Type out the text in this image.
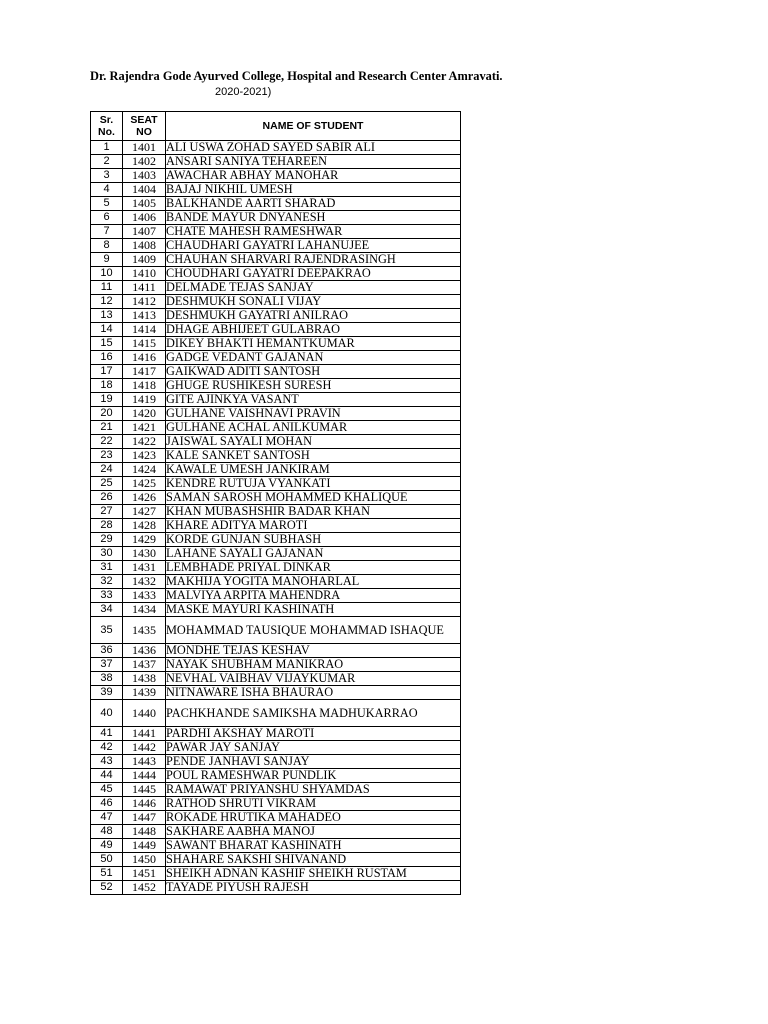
Dr. Rajendra Gode Ayurved College, Hospital and Research Center Amravati.
2020-2021)
Sr. No.	SEAT NO	NAME OF STUDENT
1	1401	ALI USWA ZOHAD SAYED SABIR ALI
2	1402	ANSARI SANIYA TEHAREEN
3	1403	AWACHAR ABHAY MANOHAR
4	1404	BAJAJ NIKHIL UMESH
5	1405	BALKHANDE AARTI SHARAD
6	1406	BANDE MAYUR DNYANESH
7	1407	CHATE MAHESH RAMESHWAR
8	1408	CHAUDHARI GAYATRI LAHANUJEE
9	1409	CHAUHAN SHARVARI RAJENDRASINGH
10	1410	CHOUDHARI GAYATRI DEEPAKRAO
11	1411	DELMADE TEJAS SANJAY
12	1412	DESHMUKH SONALI VIJAY
13	1413	DESHMUKH GAYATRI ANILRAO
14	1414	DHAGE ABHIJEET GULABRAO
15	1415	DIKEY BHAKTI HEMANTKUMAR
16	1416	GADGE VEDANT GAJANAN
17	1417	GAIKWAD ADITI SANTOSH
18	1418	GHUGE RUSHIKESH SURESH
19	1419	GITE AJINKYA VASANT
20	1420	GULHANE VAISHNAVI PRAVIN
21	1421	GULHANE ACHAL ANILKUMAR
22	1422	JAISWAL SAYALI MOHAN
23	1423	KALE SANKET SANTOSH
24	1424	KAWALE UMESH JANKIRAM
25	1425	KENDRE RUTUJA VYANKATI
26	1426	SAMAN SAROSH MOHAMMED KHALIQUE
27	1427	KHAN MUBASHSHIR BADAR KHAN
28	1428	KHARE ADITYA MAROTI
29	1429	KORDE GUNJAN SUBHASH
30	1430	LAHANE SAYALI GAJANAN
31	1431	LEMBHADE PRIYAL DINKAR
32	1432	MAKHIJA YOGITA MANOHARLAL
33	1433	MALVIYA ARPITA MAHENDRA
34	1434	MASKE MAYURI KASHINATH
35	1435	MOHAMMAD TAUSIQUE MOHAMMAD ISHAQUE
36	1436	MONDHE TEJAS KESHAV
37	1437	NAYAK SHUBHAM MANIKRAO
38	1438	NEVHAL VAIBHAV VIJAYKUMAR
39	1439	NITNAWARE ISHA BHAURAO
40	1440	PACHKHANDE SAMIKSHA MADHUKARRAO
41	1441	PARDHI AKSHAY MAROTI
42	1442	PAWAR JAY SANJAY
43	1443	PENDE JANHAVI SANJAY
44	1444	POUL RAMESHWAR PUNDLIK
45	1445	RAMAWAT PRIYANSHU SHYAMDAS
46	1446	RATHOD SHRUTI VIKRAM
47	1447	ROKADE HRUTIKA MAHADEO
48	1448	SAKHARE AABHA MANOJ
49	1449	SAWANT BHARAT KASHINATH
50	1450	SHAHARE SAKSHI SHIVANAND
51	1451	SHEIKH ADNAN KASHIF SHEIKH RUSTAM
52	1452	TAYADE PIYUSH RAJESH
